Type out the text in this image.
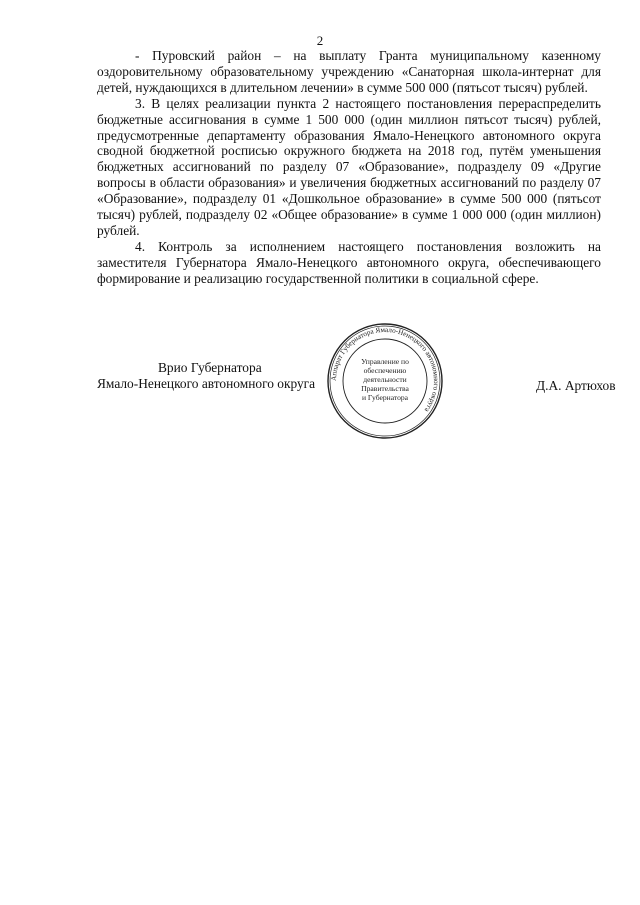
2

- Пуровский район – на выплату Гранта муниципальному казенному оздоровительному образовательному учреждению «Санаторная школа-интернат для детей, нуждающихся в длительном лечении» в сумме 500 000 (пятьсот тысяч) рублей.

3. В целях реализации пункта 2 настоящего постановления перераспределить бюджетные ассигнования в сумме 1 500 000 (один миллион пятьсот тысяч) рублей, предусмотренные департаменту образования Ямало-Ненецкого автономного округа сводной бюджетной росписью окружного бюджета на 2018 год, путём уменьшения бюджетных ассигнований по разделу 07 «Образование», подразделу 09 «Другие вопросы в области образования» и увеличения бюджетных ассигнований по разделу 07 «Образование», подразделу 01 «Дошкольное образование» в сумме 500 000 (пятьсот тысяч) рублей, подразделу 02 «Общее образование» в сумме 1 000 000 (один миллион) рублей.

4. Контроль за исполнением настоящего постановления возложить на заместителя Губернатора Ямало-Ненецкого автономного округа, обеспечивающего формирование и реализацию государственной политики в социальной сфере.

Врио Губернатора
Ямало-Ненецкого автономного округа	Д.А. Артюхов
Аппарат Губернатора Ямало-Ненецкого автономного округа
Управление по
обеспечению
деятельности
Правительства
и Губернатора
